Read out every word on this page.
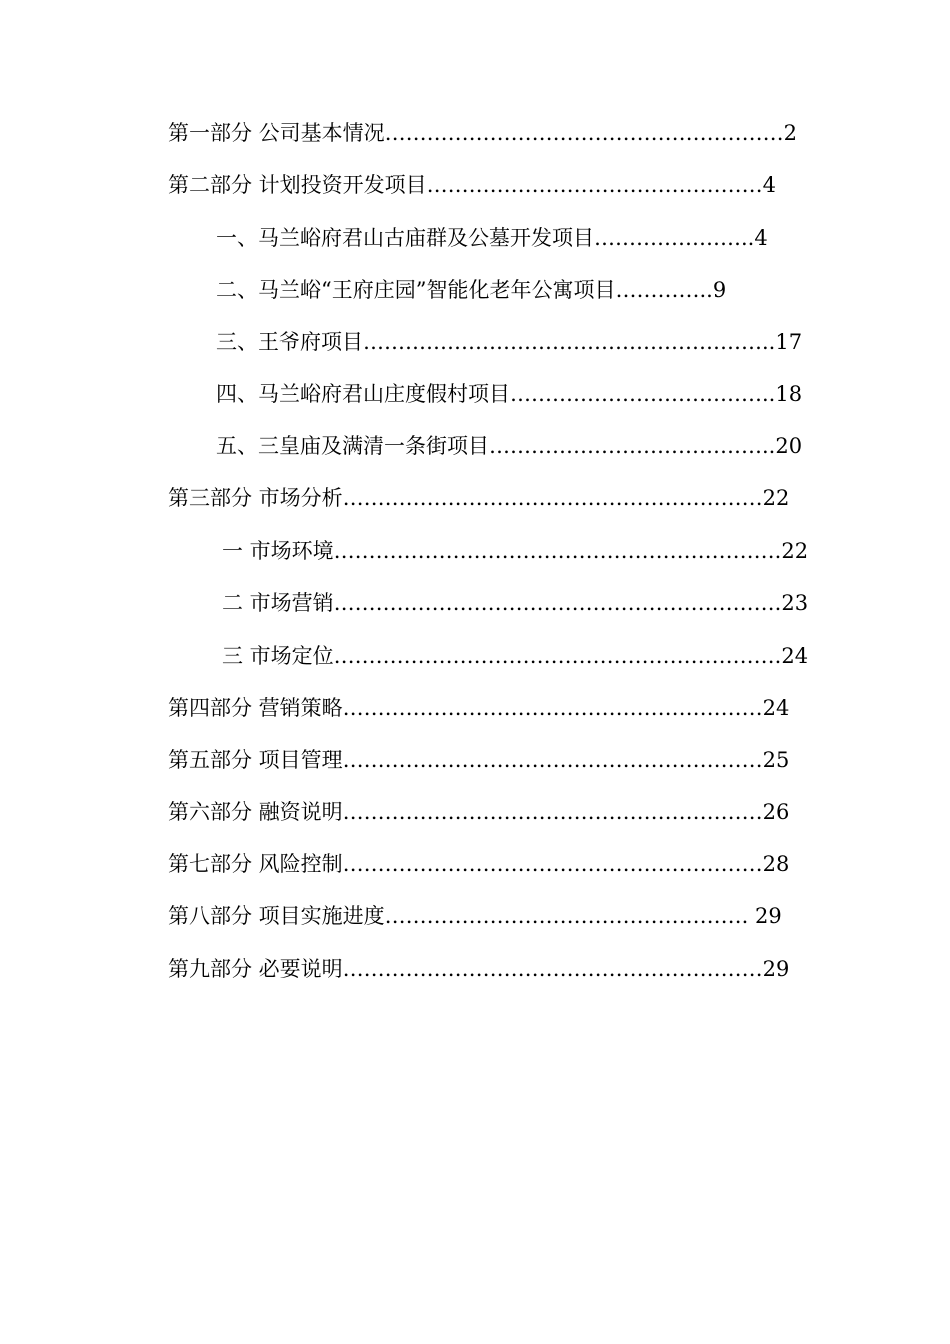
第一部分 公司基本情况…………………………………………………2
第二部分 计划投资开发项目…………………………………………4
一、马兰峪府君山古庙群及公墓开发项目…………………..4
二、马兰峪“王府庄园”智能化老年公寓项目…………..9
三、王爷府项目…………………………………………………..17
四、马兰峪府君山庄度假村项目………………………………..18
五、三皇庙及满清一条街项目…………………………………..20
第三部分 市场分析……………………………………………………22
一 市场环境……………………………………………………….22
二 市场营销……………………………………………………….23
三 市场定位……………………………………………………….24
第四部分 营销策略……………………………………………………24
第五部分 项目管理……………………………………………………25
第六部分 融资说明……………………………………………………26
第七部分 风险控制……………………………………………………28
第八部分 项目实施进度……………………………………………. 29
第九部分 必要说明……………………………………………………29
